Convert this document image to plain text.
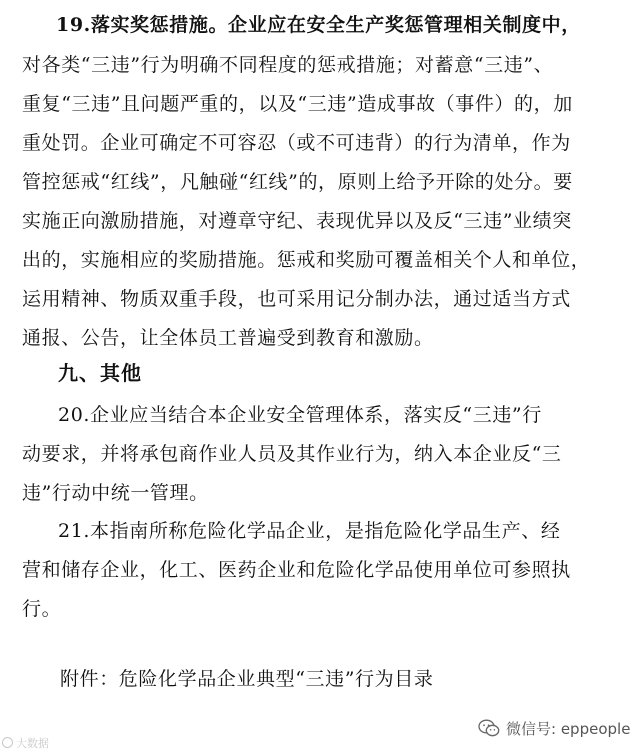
19.落实奖惩措施。企业应在安全生产奖惩管理相关制度中，
对各类“三违”行为明确不同程度的惩戒措施；对蓄意“三违”、
重复“三违”且问题严重的，以及“三违”造成事故（事件）的，加
重处罚。企业可确定不可容忍（或不可违背）的行为清单，作为
管控惩戒“红线”，凡触碰“红线”的，原则上给予开除的处分。要
实施正向激励措施，对遵章守纪、表现优异以及反“三违”业绩突
出的，实施相应的奖励措施。惩戒和奖励可覆盖相关个人和单位，
运用精神、物质双重手段，也可采用记分制办法，通过适当方式
通报、公告，让全体员工普遍受到教育和激励。
九、其他
20.企业应当结合本企业安全管理体系，落实反“三违”行
动要求，并将承包商作业人员及其作业行为，纳入本企业反“三
违”行动中统一管理。
21.本指南所称危险化学品企业，是指危险化学品生产、经
营和储存企业，化工、医药企业和危险化学品使用单位可参照执
行。
附件：危险化学品企业典型“三违”行为目录
大数据
微信号: eppeople
